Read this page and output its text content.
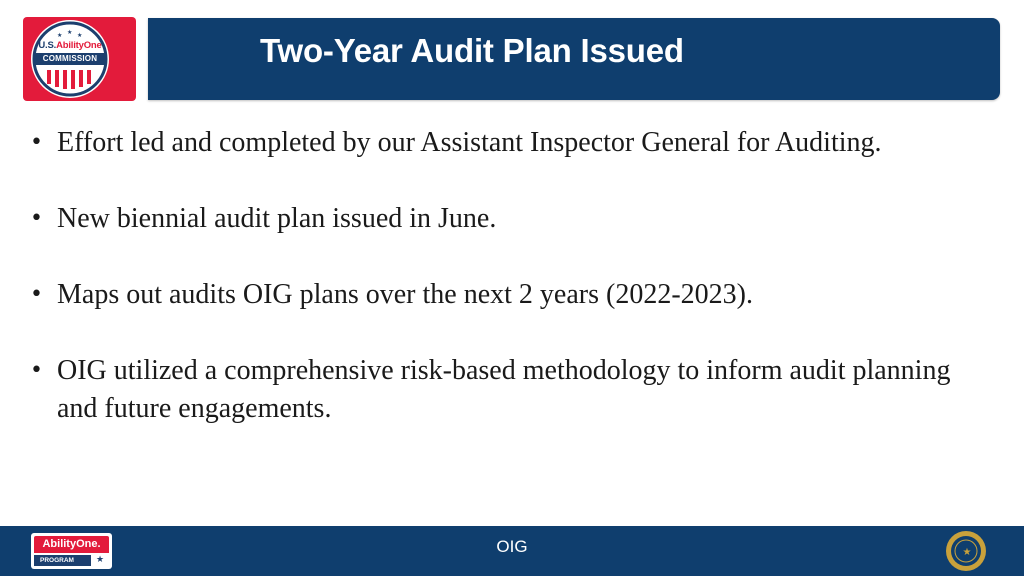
★ ★ ★
U.S.AbilityOne
COMMISSION	Two-Year Audit Plan Issued
• Effort led and completed by our Assistant Inspector General for Auditing.
• New biennial audit plan issued in June.
• Maps out audits OIG plans over the next 2 years (2022-2023).
• OIG utilized a comprehensive risk-based methodology to inform audit planning and future engagements.
AbilityOne.
PROGRAM	★
OIG	★
